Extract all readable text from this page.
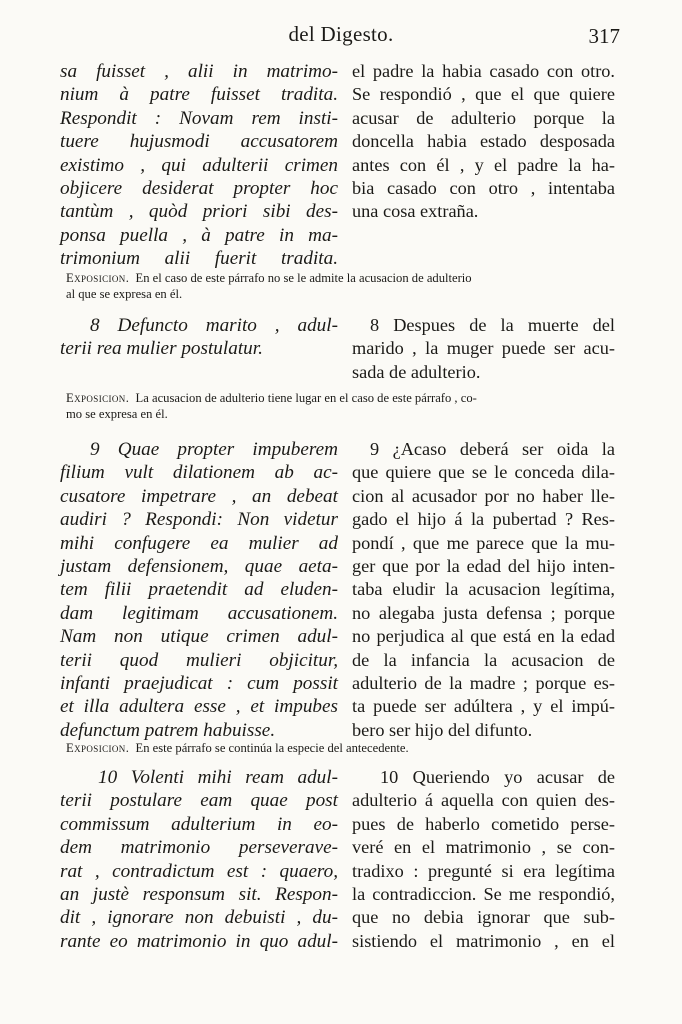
del Digesto.	317
sa fuisset , alii in matrimo-
nium à patre fuisset tradita.
Respondit : Novam rem insti-
tuere hujusmodi accusatorem
existimo , qui adulterii crimen
objicere desiderat propter hoc
tantùm , quòd priori sibi des-
ponsa puella , à patre in ma-
trimonium alii fuerit tradita.
el padre la habia casado con otro.
Se respondió , que el que quiere
acusar de adulterio porque la
doncella habia estado desposada
antes con él , y el padre la ha-
bia casado con otro , intentaba
una cosa extraña.
Exposicion. En el caso de este párrafo no se le admite la acusacion de adulterio
al que se expresa en él.
8 Defuncto marito , adul-
terii rea mulier postulatur.
8 Despues de la muerte del
marido , la muger puede ser acu-
sada de adulterio.
Exposicion. La acusacion de adulterio tiene lugar en el caso de este párrafo , co-
mo se expresa en él.
9 Quae propter impuberem
filium vult dilationem ab ac-
cusatore impetrare , an debeat
audiri ? Respondi: Non videtur
mihi confugere ea mulier ad
justam defensionem, quae aeta-
tem filii praetendit ad eluden-
dam legitimam accusationem.
Nam non utique crimen adul-
terii quod mulieri objicitur,
infanti praejudicat : cum possit
et illa adultera esse , et impubes
defunctum patrem habuisse.
9 ¿Acaso deberá ser oida la
que quiere que se le conceda dila-
cion al acusador por no haber lle-
gado el hijo á la pubertad ? Res-
pondí , que me parece que la mu-
ger que por la edad del hijo inten-
taba eludir la acusacion legítima,
no alegaba justa defensa ; porque
no perjudica al que está en la edad
de la infancia la acusacion de
adulterio de la madre ; porque es-
ta puede ser adúltera , y el impú-
bero ser hijo del difunto.
Exposicion. En este párrafo se continúa la especie del antecedente.
10 Volenti mihi ream adul-
terii postulare eam quae post
commissum adulterium in eo-
dem matrimonio perseverave-
rat , contradictum est : quaero,
an justè responsum sit. Respon-
dit , ignorare non debuisti , du-
rante eo matrimonio in quo adul-
10 Queriendo yo acusar de
adulterio á aquella con quien des-
pues de haberlo cometido perse-
veré en el matrimonio , se con-
tradixo : pregunté si era legítima
la contradiccion. Se me respondió,
que no debia ignorar que sub-
sistiendo el matrimonio , en el
